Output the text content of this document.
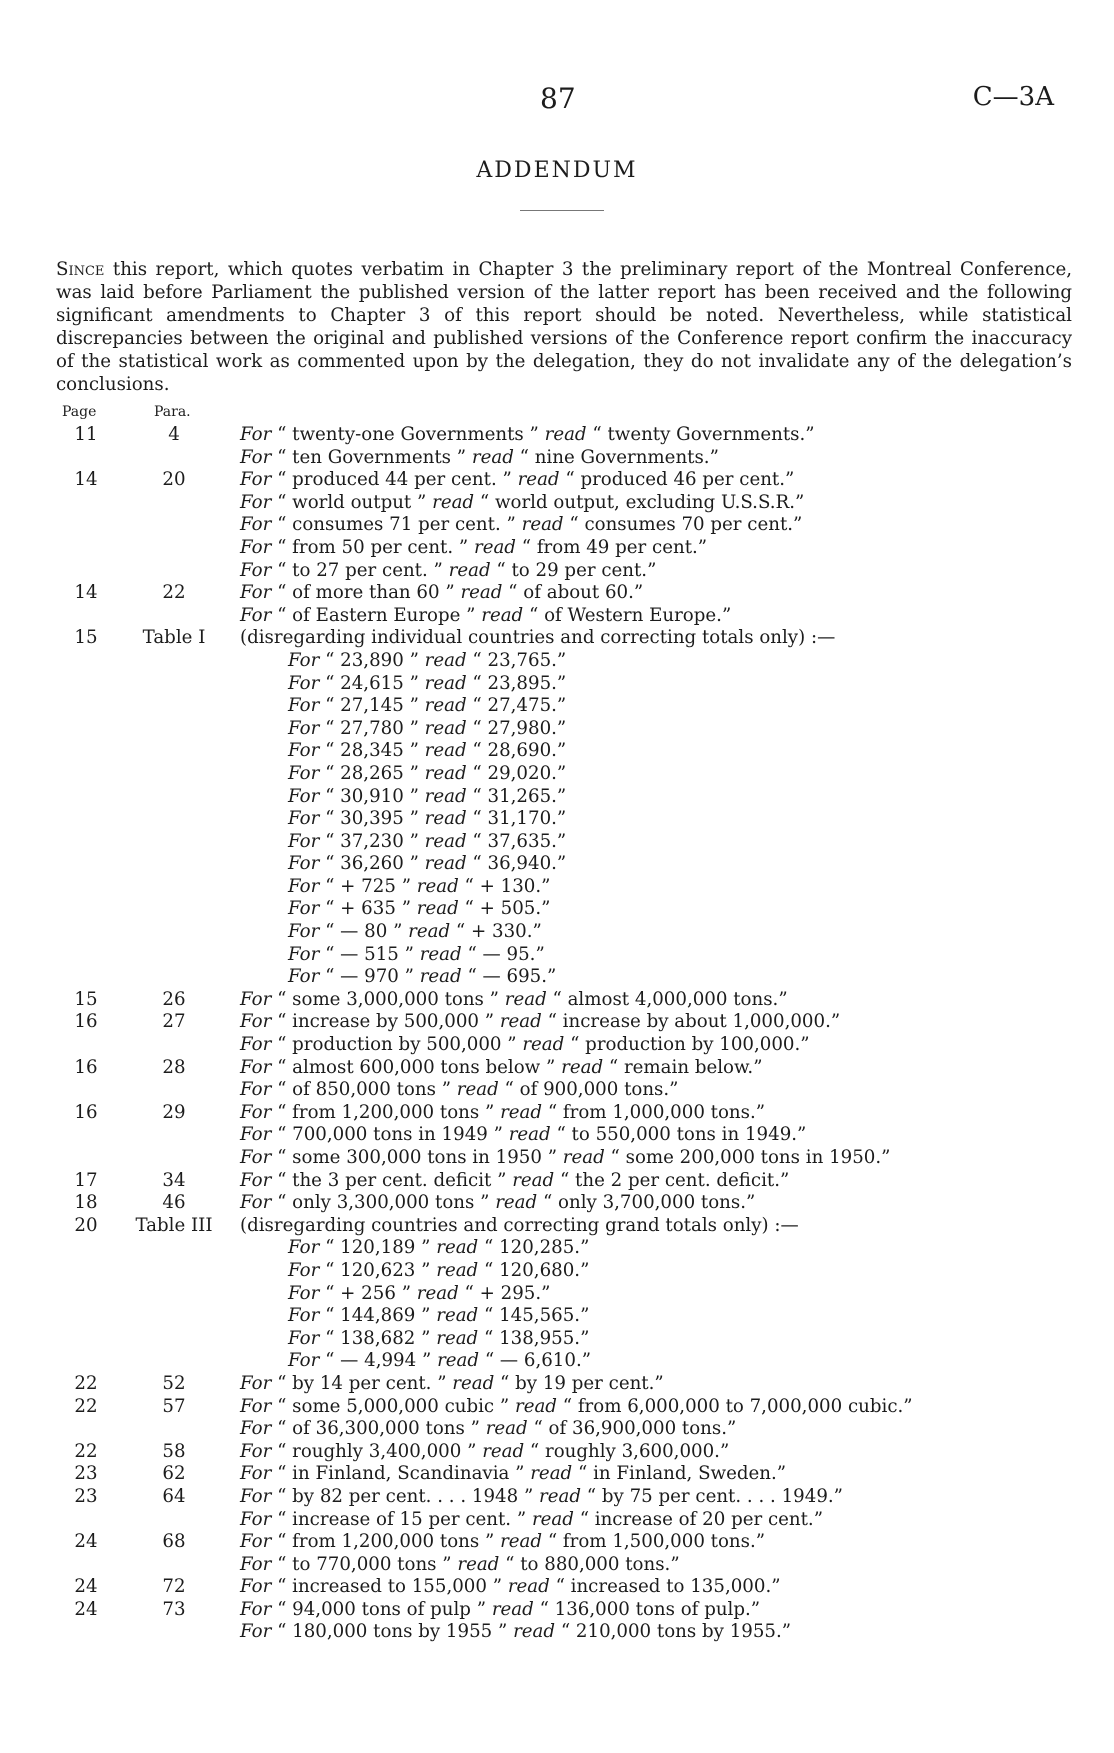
87	C—3A
ADDENDUM

Since this report, which quotes verbatim in Chapter 3 the preliminary report of the Montreal Conference, was laid before Parliament the published version of the latter report has been received and the following significant amendments to Chapter 3 of this report should be noted. Nevertheless, while statistical discrepancies between the original and published versions of the Conference report confirm the inaccuracy of the statistical work as commented upon by the delegation, they do not invalidate any of the delegation’s conclusions.

Page	Para.
11	4	For “ twenty-one Governments ” read “ twenty Governments.”
For “ ten Governments ” read “ nine Governments.”
14	20	For “ produced 44 per cent. ” read “ produced 46 per cent.”
For “ world output ” read “ world output, excluding U.S.S.R.”
For “ consumes 71 per cent. ” read “ consumes 70 per cent.”
For “ from 50 per cent. ” read “ from 49 per cent.”
For “ to 27 per cent. ” read “ to 29 per cent.”
14	22	For “ of more than 60 ” read “ of about 60.”
For “ of Eastern Europe ” read “ of Western Europe.”
15	Table I	(disregarding individual countries and correcting totals only) :—
For “ 23,890 ” read “ 23,765.”
For “ 24,615 ” read “ 23,895.”
For “ 27,145 ” read “ 27,475.”
For “ 27,780 ” read “ 27,980.”
For “ 28,345 ” read “ 28,690.”
For “ 28,265 ” read “ 29,020.”
For “ 30,910 ” read “ 31,265.”
For “ 30,395 ” read “ 31,170.”
For “ 37,230 ” read “ 37,635.”
For “ 36,260 ” read “ 36,940.”
For “ + 725 ” read “ + 130.”
For “ + 635 ” read “ + 505.”
For “ — 80 ” read “ + 330.”
For “ — 515 ” read “ — 95.”
For “ — 970 ” read “ — 695.”
15	26	For “ some 3,000,000 tons ” read “ almost 4,000,000 tons.”
16	27	For “ increase by 500,000 ” read “ increase by about 1,000,000.”
For “ production by 500,000 ” read “ production by 100,000.”
16	28	For “ almost 600,000 tons below ” read “ remain below.”
For “ of 850,000 tons ” read “ of 900,000 tons.”
16	29	For “ from 1,200,000 tons ” read “ from 1,000,000 tons.”
For “ 700,000 tons in 1949 ” read “ to 550,000 tons in 1949.”
For “ some 300,000 tons in 1950 ” read “ some 200,000 tons in 1950.”
17	34	For “ the 3 per cent. deficit ” read “ the 2 per cent. deficit.”
18	46	For “ only 3,300,000 tons ” read “ only 3,700,000 tons.”
20	Table III	(disregarding countries and correcting grand totals only) :—
For “ 120,189 ” read “ 120,285.”
For “ 120,623 ” read “ 120,680.”
For “ + 256 ” read “ + 295.”
For “ 144,869 ” read “ 145,565.”
For “ 138,682 ” read “ 138,955.”
For “ — 4,994 ” read “ — 6,610.”
22	52	For “ by 14 per cent. ” read “ by 19 per cent.”
22	57	For “ some 5,000,000 cubic ” read “ from 6,000,000 to 7,000,000 cubic.”
For “ of 36,300,000 tons ” read “ of 36,900,000 tons.”
22	58	For “ roughly 3,400,000 ” read “ roughly 3,600,000.”
23	62	For “ in Finland, Scandinavia ” read “ in Finland, Sweden.”
23	64	For “ by 82 per cent. . . . 1948 ” read “ by 75 per cent. . . . 1949.”
For “ increase of 15 per cent. ” read “ increase of 20 per cent.”
24	68	For “ from 1,200,000 tons ” read “ from 1,500,000 tons.”
For “ to 770,000 tons ” read “ to 880,000 tons.”
24	72	For “ increased to 155,000 ” read “ increased to 135,000.”
24	73	For “ 94,000 tons of pulp ” read “ 136,000 tons of pulp.”
For “ 180,000 tons by 1955 ” read “ 210,000 tons by 1955.”
